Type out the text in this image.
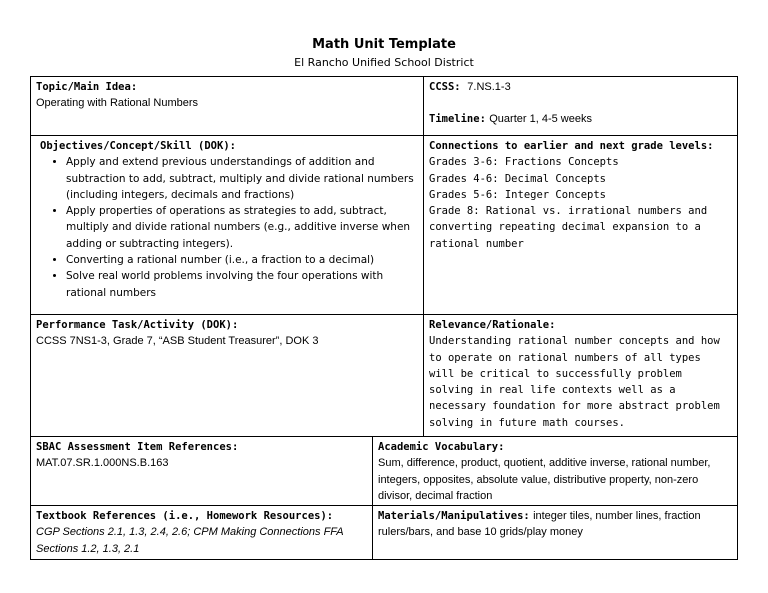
Math Unit Template
El Rancho Unified School District
Topic/Main Idea:
Operating with Rational Numbers
CCSS: 7.NS.1-3
Timeline: Quarter 1, 4-5 weeks
Objectives/Concept/Skill (DOK):
• Apply and extend previous understandings of addition and subtraction to add, subtract, multiply and divide rational numbers (including integers, decimals and fractions)
• Apply properties of operations as strategies to add, subtract, multiply and divide rational numbers (e.g., additive inverse when adding or subtracting integers).
• Converting a rational number (i.e., a fraction to a decimal)
• Solve real world problems involving the four operations with rational numbers
Connections to earlier and next grade levels:
Grades 3-6: Fractions Concepts
Grades 4-6: Decimal Concepts
Grades 5-6: Integer Concepts
Grade 8: Rational vs. irrational numbers and converting repeating decimal expansion to a rational number
Performance Task/Activity (DOK):
CCSS 7NS1-3, Grade 7, “ASB Student Treasurer”, DOK 3
Relevance/Rationale:
Understanding rational number concepts and how to operate on rational numbers of all types will be critical to successfully problem solving in real life contexts well as a necessary foundation for more abstract problem solving in future math courses.
SBAC Assessment Item References:
MAT.07.SR.1.000NS.B.163
Academic Vocabulary:
Sum, difference, product, quotient, additive inverse, rational number, integers, opposites, absolute value, distributive property, non-zero divisor, decimal fraction
Textbook References (i.e., Homework Resources):
CGP Sections 2.1, 1.3, 2.4, 2.6; CPM Making Connections FFA Sections 1.2, 1.3, 2.1
Materials/Manipulatives: integer tiles, number lines, fraction rulers/bars, and base 10 grids/play money
